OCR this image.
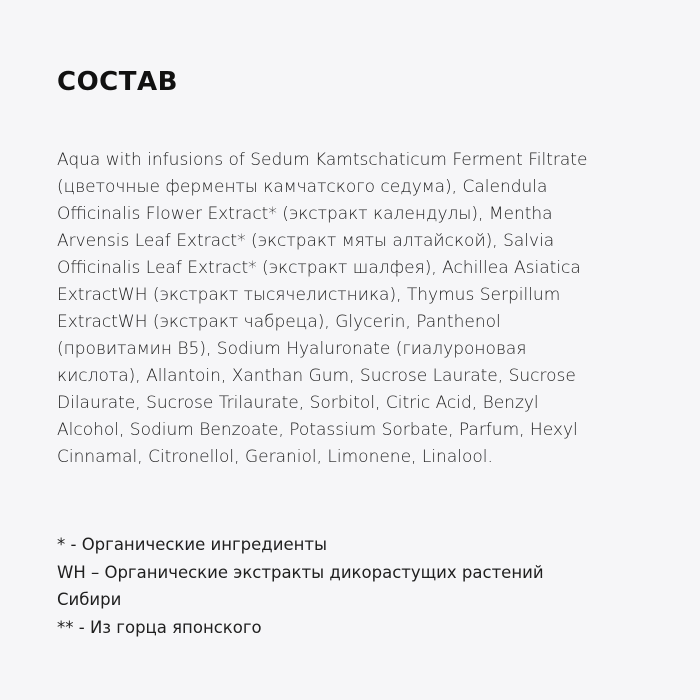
СОСТАВ
Aqua with infusions of Sedum Kamtschaticum Ferment Filtrate
(цветочные ферменты камчатского седума), Calendula
Officinalis Flower Extract* (экстракт календулы), Mentha
Arvensis Leaf Extract* (экстракт мяты алтайской), Salvia
Officinalis Leaf Extract* (экстракт шалфея), Achillea Asiatica
ExtractWH (экстракт тысячелистника), Thymus Serpillum
ExtractWH (экстракт чабреца), Glycerin, Panthenol
(провитамин B5), Sodium Hyaluronate (гиалуроновая
кислота), Allantoin, Xanthan Gum, Sucrose Laurate, Sucrose
Dilaurate, Sucrose Trilaurate, Sorbitol, Citric Acid, Benzyl
Alcohol, Sodium Benzoate, Potassium Sorbate, Parfum, Hexyl
Cinnamal, Citronellol, Geraniol, Limonene, Linalool.
* - Органические ингредиенты
WH – Органические экстракты дикорастущих растений
Сибири
** - Из горца японского
